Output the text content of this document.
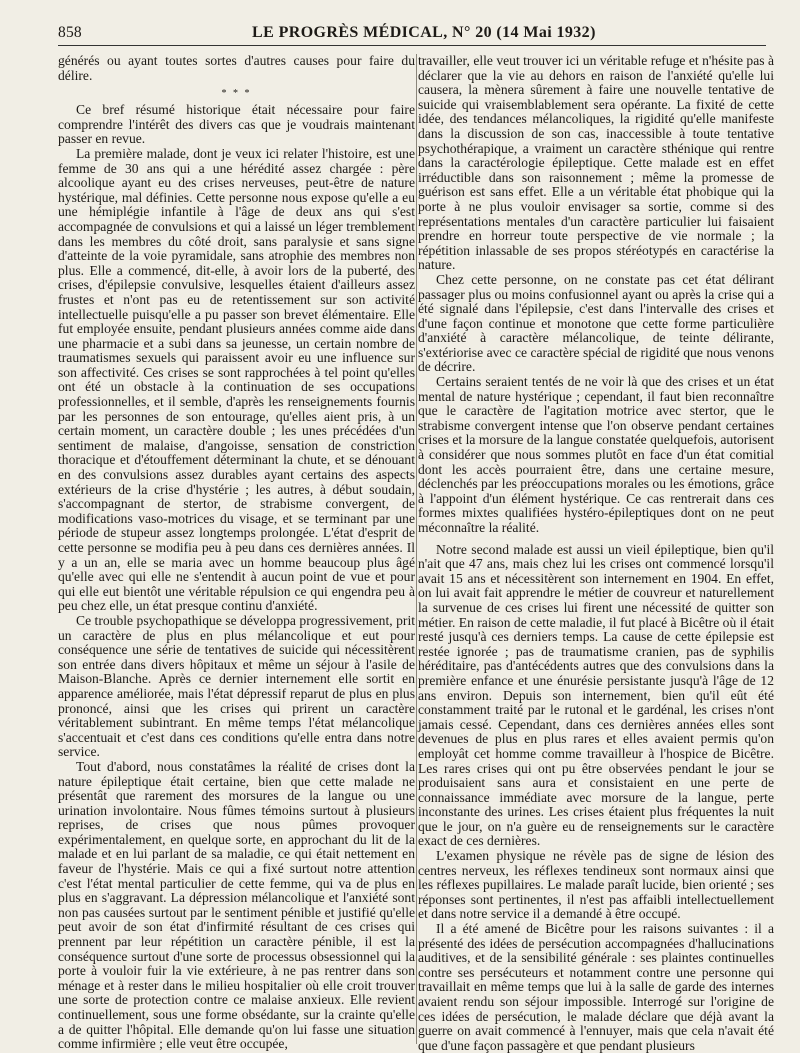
858	LE PROGRÈS MÉDICAL, N° 20 (14 Mai 1932)

générés ou ayant toutes sortes d'autres causes pour faire du délire.

* * *

Ce bref résumé historique était nécessaire pour faire comprendre l'intérêt des divers cas que je voudrais maintenant passer en revue.

La première malade, dont je veux ici relater l'histoire, est une femme de 30 ans qui a une hérédité assez chargée : père alcoolique ayant eu des crises nerveuses, peut-être de nature hystérique, mal définies. Cette personne nous expose qu'elle a eu une hémiplégie infantile à l'âge de deux ans qui s'est accompagnée de convulsions et qui a laissé un léger tremblement dans les membres du côté droit, sans paralysie et sans signe d'atteinte de la voie pyramidale, sans atrophie des membres non plus. Elle a commencé, dit-elle, à avoir lors de la puberté, des crises, d'épilepsie convulsive, lesquelles étaient d'ailleurs assez frustes et n'ont pas eu de retentissement sur son activité intellectuelle puisqu'elle a pu passer son brevet élémentaire. Elle fut employée ensuite, pendant plusieurs années comme aide dans une pharmacie et a subi dans sa jeunesse, un certain nombre de traumatismes sexuels qui paraissent avoir eu une influence sur son affectivité. Ces crises se sont rapprochées à tel point qu'elles ont été un obstacle à la continuation de ses occupations professionnelles, et il semble, d'après les renseignements fournis par les personnes de son entourage, qu'elles aient pris, à un certain moment, un caractère double ; les unes précédées d'un sentiment de malaise, d'angoisse, sensation de constriction thoracique et d'étouffement déterminant la chute, et se dénouant en des convulsions assez durables ayant certains des aspects extérieurs de la crise d'hystérie ; les autres, à début soudain, s'accompagnant de stertor, de strabisme convergent, de modifications vaso-motrices du visage, et se terminant par une période de stupeur assez longtemps prolongée. L'état d'esprit de cette personne se modifia peu à peu dans ces dernières années. Il y a un an, elle se maria avec un homme beaucoup plus âgé qu'elle avec qui elle ne s'entendit à aucun point de vue et pour qui elle eut bientôt une véritable répulsion ce qui engendra peu à peu chez elle, un état presque continu d'anxiété.

Ce trouble psychopathique se développa progressivement, prit un caractère de plus en plus mélancolique et eut pour conséquence une série de tentatives de suicide qui nécessitèrent son entrée dans divers hôpitaux et même un séjour à l'asile de Maison-Blanche. Après ce dernier internement elle sortit en apparence améliorée, mais l'état dépressif reparut de plus en plus prononcé, ainsi que les crises qui prirent un caractère véritablement subintrant. En même temps l'état mélancolique s'accentuait et c'est dans ces conditions qu'elle entra dans notre service.

Tout d'abord, nous constatâmes la réalité de crises dont la nature épileptique était certaine, bien que cette malade ne présentât que rarement des morsures de la langue ou une urination involontaire. Nous fûmes témoins surtout à plusieurs reprises, de crises que nous pûmes provoquer expérimentalement, en quelque sorte, en approchant du lit de la malade et en lui parlant de sa maladie, ce qui était nettement en faveur de l'hystérie. Mais ce qui a fixé surtout notre attention c'est l'état mental particulier de cette femme, qui va de plus en plus en s'aggravant. La dépression mélancolique et l'anxiété sont non pas causées surtout par le sentiment pénible et justifié qu'elle peut avoir de son état d'infirmité résultant de ces crises qui prennent par leur répétition un caractère pénible, il est la conséquence surtout d'une sorte de processus obsessionnel qui la porte à vouloir fuir la vie extérieure, à ne pas rentrer dans son ménage et à rester dans le milieu hospitalier où elle croit trouver une sorte de protection contre ce malaise anxieux. Elle revient continuellement, sous une forme obsédante, sur la crainte qu'elle a de quitter l'hôpital. Elle demande qu'on lui fasse une situation comme infirmière ; elle veut être occupée,

travailler, elle veut trouver ici un véritable refuge et n'hésite pas à déclarer que la vie au dehors en raison de l'anxiété qu'elle lui causera, la mènera sûrement à faire une nouvelle tentative de suicide qui vraisemblablement sera opérante. La fixité de cette idée, des tendances mélancoliques, la rigidité qu'elle manifeste dans la discussion de son cas, inaccessible à toute tentative psychothérapique, a vraiment un caractère sthénique qui rentre dans la caractérologie épileptique. Cette malade est en effet irréductible dans son raisonnement ; même la promesse de guérison est sans effet. Elle a un véritable état phobique qui la porte à ne plus vouloir envisager sa sortie, comme si des représentations mentales d'un caractère particulier lui faisaient prendre en horreur toute perspective de vie normale ; la répétition inlassable de ses propos stéréotypés en caractérise la nature.

Chez cette personne, on ne constate pas cet état délirant passager plus ou moins confusionnel ayant ou après la crise qui a été signalé dans l'épilepsie, c'est dans l'intervalle des crises et d'une façon continue et monotone que cette forme particulière d'anxiété à caractère mélancolique, de teinte délirante, s'extériorise avec ce caractère spécial de rigidité que nous venons de décrire.

Certains seraient tentés de ne voir là que des crises et un état mental de nature hystérique ; cependant, il faut bien reconnaître que le caractère de l'agitation motrice avec stertor, que le strabisme convergent intense que l'on observe pendant certaines crises et la morsure de la langue constatée quelquefois, autorisent à considérer que nous sommes plutôt en face d'un état comitial dont les accès pourraient être, dans une certaine mesure, déclenchés par les préoccupations morales ou les émotions, grâce à l'appoint d'un élément hystérique. Ce cas rentrerait dans ces formes mixtes qualifiées hystéro-épileptiques dont on ne peut méconnaître la réalité.

Notre second malade est aussi un vieil épileptique, bien qu'il n'ait que 47 ans, mais chez lui les crises ont commencé lorsqu'il avait 15 ans et nécessitèrent son internement en 1904. En effet, on lui avait fait apprendre le métier de couvreur et naturellement la survenue de ces crises lui firent une nécessité de quitter son métier. En raison de cette maladie, il fut placé à Bicêtre où il était resté jusqu'à ces derniers temps. La cause de cette épilepsie est restée ignorée ; pas de traumatisme cranien, pas de syphilis héréditaire, pas d'antécédents autres que des convulsions dans la première enfance et une énurésie persistante jusqu'à l'âge de 12 ans environ. Depuis son internement, bien qu'il eût été constamment traité par le rutonal et le gardénal, les crises n'ont jamais cessé. Cependant, dans ces dernières années elles sont devenues de plus en plus rares et elles avaient permis qu'on employât cet homme comme travailleur à l'hospice de Bicêtre. Les rares crises qui ont pu être observées pendant le jour se produisaient sans aura et consistaient en une perte de connaissance immédiate avec morsure de la langue, perte inconstante des urines. Les crises étaient plus fréquentes la nuit que le jour, on n'a guère eu de renseignements sur le caractère exact de ces dernières.

L'examen physique ne révèle pas de signe de lésion des centres nerveux, les réflexes tendineux sont normaux ainsi que les réflexes pupillaires. Le malade paraît lucide, bien orienté ; ses réponses sont pertinentes, il n'est pas affaibli intellectuellement et dans notre service il a demandé à être occupé.

Il a été amené de Bicêtre pour les raisons suivantes : il a présenté des idées de persécution accompagnées d'hallucinations auditives, et de la sensibilité générale : ses plaintes continuelles contre ses persécuteurs et notamment contre une personne qui travaillait en même temps que lui à la salle de garde des internes avaient rendu son séjour impossible. Interrogé sur l'origine de ces idées de persécution, le malade déclare que déjà avant la guerre on avait commencé à l'ennuyer, mais que cela n'avait été que d'une façon passagère et que pendant plusieurs
